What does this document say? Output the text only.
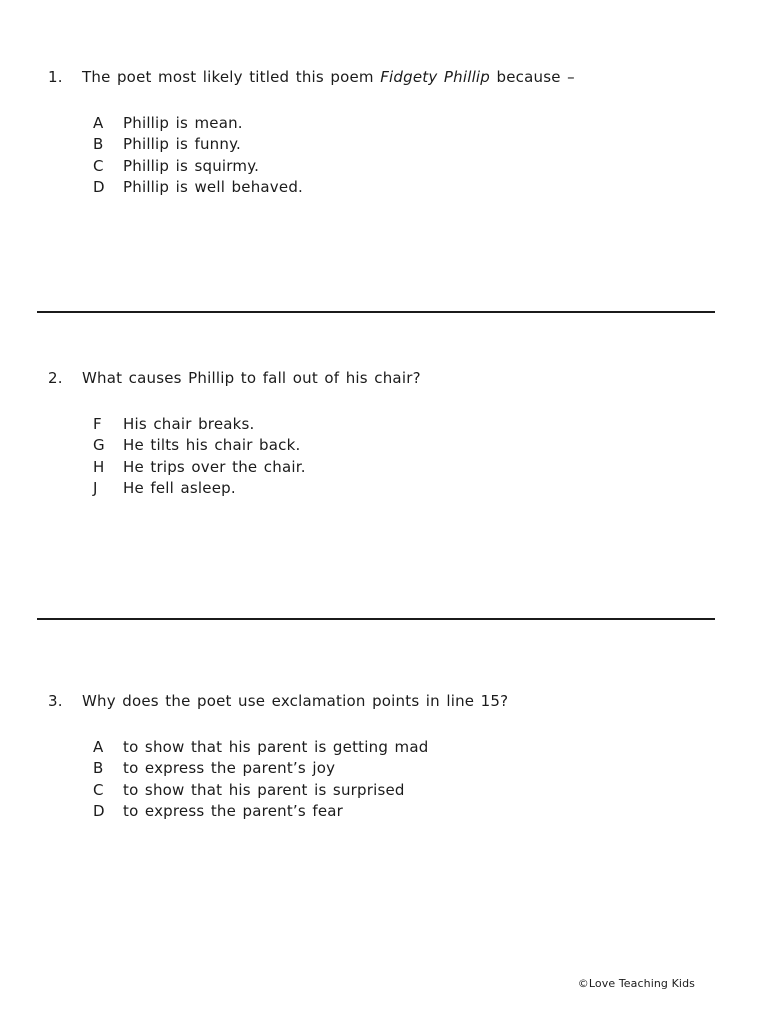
1.	The poet most likely titled this poem Fidgety Phillip because –
A	Phillip is mean.
B	Phillip is funny.
C	Phillip is squirmy.
D	Phillip is well behaved.
2.	What causes Phillip to fall out of his chair?
F	His chair breaks.
G	He tilts his chair back.
H	He trips over the chair.
J	He fell asleep.
3.	Why does the poet use exclamation points in line 15?
A	to show that his parent is getting mad
B	to express the parent’s joy
C	to show that his parent is surprised
D	to express the parent’s fear
©Love Teaching Kids
